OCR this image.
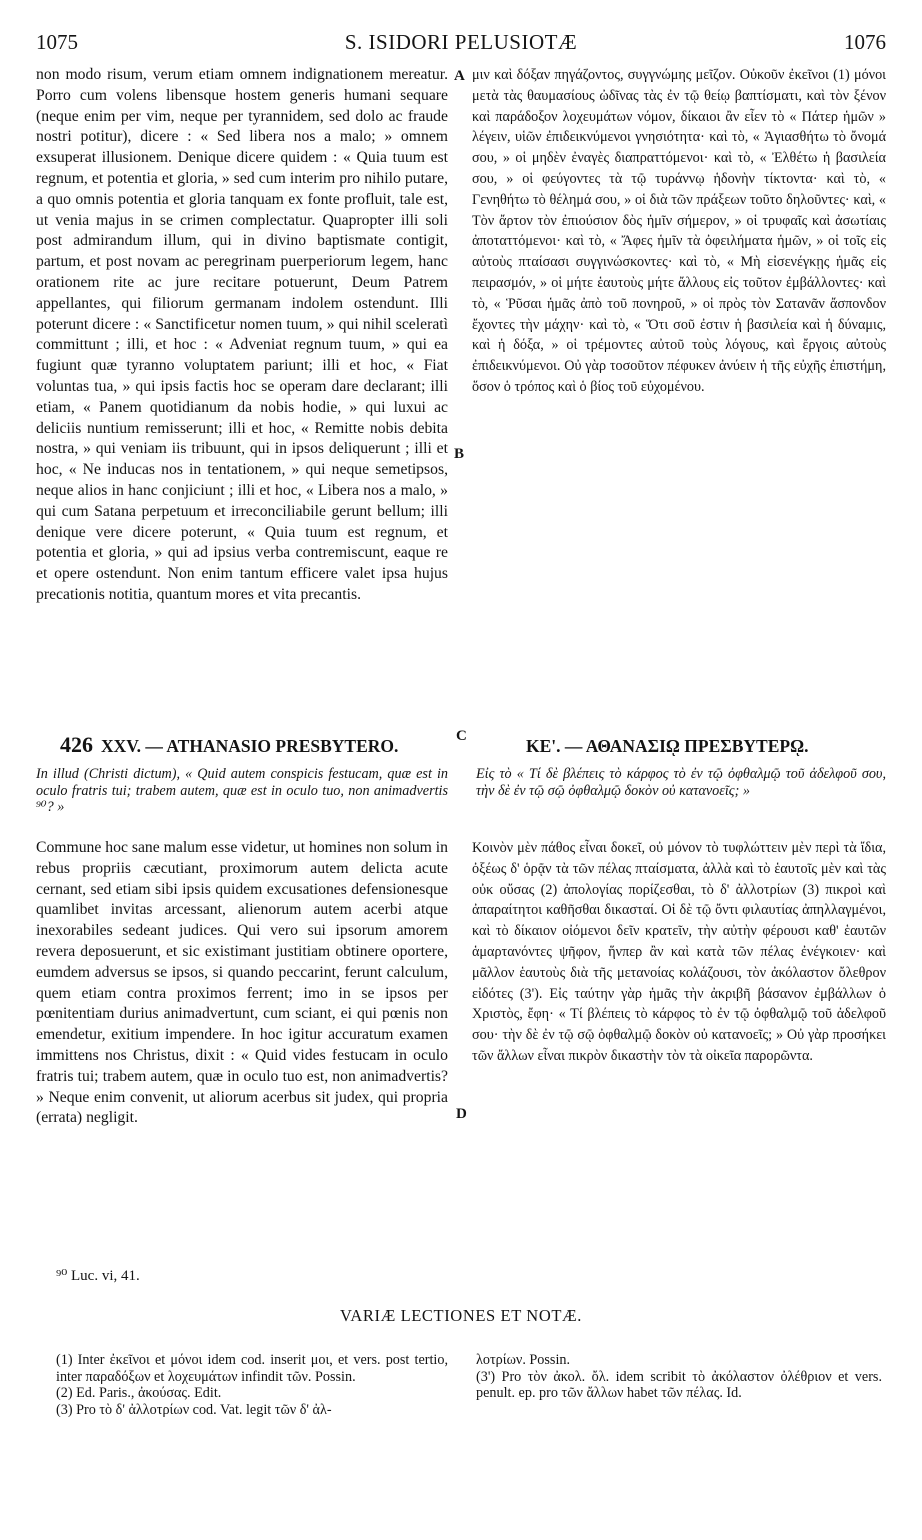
1075	S. ISIDORI PELUSIOTÆ	1076

non modo risum, verum etiam omnem indignationem mereatur. Porro cum volens libensque hostem generis humani sequare (neque enim per vim, neque per tyrannidem, sed dolo ac fraude nostri potitur), dicere : « Sed libera nos a malo; » omnem exsuperat illusionem. Denique dicere quidem : « Quia tuum est regnum, et potentia et gloria, » sed cum interim pro nihilo putare, a quo omnis potentia et gloria tanquam ex fonte profluit, tale est, ut venia majus in se crimen complectatur. Quapropter illi soli post admirandum illum, qui in divino baptismate contigit, partum, et post novam ac peregrinam puerperiorum legem, hanc orationem rite ac jure recitare potuerunt, Deum Patrem appellantes, qui filiorum germanam indolem ostendunt. Illi poterunt dicere : « Sanctificetur nomen tuum, » qui nihil sceleratì committunt ; illi, et hoc : « Adveniat regnum tuum, » qui ea fugiunt quæ tyranno voluptatem pariunt; illi et hoc, « Fiat voluntas tua, » qui ipsis factis hoc se operam dare declarant; illi etiam, « Panem quotidianum da nobis hodie, » qui luxui ac deliciis nuntium remisserunt; illi et hoc, « Remitte nobis debita nostra, » qui veniam iis tribuunt, qui in ipsos deliquerunt ; illi et hoc, « Ne inducas nos in tentationem, » qui neque semetipsos, neque alios in hanc conjiciunt ; illi et hoc, « Libera nos a malo, » qui cum Satana perpetuum et irreconciliabile gerunt bellum; illi denique vere dicere poterunt, « Quia tuum est regnum, et potentia et gloria, » qui ad ipsius verba contremiscunt, eaque re et opere ostendunt. Non enim tantum efficere valet ipsa hujus precationis notitia, quantum mores et vita precantis.

A
B

μιν καὶ δόξαν πηγάζοντος, συγγνώμης μεῖζον. Οὐκοῦν ἐκεῖνοι (1) μόνοι μετὰ τὰς θαυμασίους ὠδῖνας τὰς ἐν τῷ θείῳ βαπτίσματι, καὶ τὸν ξένον καὶ παράδοξον λοχευμάτων νόμον, δίκαιοι ἂν εἶεν τὸ « Πάτερ ἡμῶν » λέγειν, υἱῶν ἐπιδεικνύμενοι γνησιότητα· καὶ τὸ, « Ἁγιασθήτω τὸ ὄνομά σου, » οἱ μηδὲν ἐναγὲς διαπραττόμενοι· καὶ τὸ, « Ἐλθέτω ἡ βασιλεία σου, » οἱ φεύγοντες τὰ τῷ τυράννῳ ἡδονὴν τίκτοντα· καὶ τὸ, « Γενηθήτω τὸ θέλημά σου, » οἱ διὰ τῶν πράξεων τοῦτο δηλοῦντες· καὶ, « Τὸν ἄρτον τὸν ἐπιούσιον δὸς ἡμῖν σήμερον, » οἱ τρυφαῖς καὶ ἀσωτίαις ἀποταττόμενοι· καὶ τὸ, « Ἄφες ἡμῖν τὰ ὀφειλήματα ἡμῶν, » οἱ τοῖς εἰς αὐτοὺς πταίσασι συγγινώσκοντες· καὶ τὸ, « Μὴ εἰσενέγκῃς ἡμᾶς εἰς πειρασμόν, » οἱ μήτε ἑαυτοὺς μήτε ἄλλους εἰς τοῦτον ἐμβάλλοντες· καὶ τὸ, « Ῥῦσαι ἡμᾶς ἀπὸ τοῦ πονηροῦ, » οἱ πρὸς τὸν Σατανᾶν ἄσπονδον ἔχοντες τὴν μάχην· καὶ τὸ, « Ὅτι σοῦ ἐστιν ἡ βασιλεία καὶ ἡ δύναμις, καὶ ἡ δόξα, » οἱ τρέμοντες αὐτοῦ τοὺς λόγους, καὶ ἔργοις αὐτοὺς ἐπιδεικνύμενοι. Οὐ γὰρ τοσοῦτον πέφυκεν ἀνύειν ἡ τῆς εὐχῆς ἐπιστήμη, ὅσον ὁ τρόπος καὶ ὁ βίος τοῦ εὐχομένου.

426 XXV. — ATHANASIO PRESBYTERO.	C	ΚΕ'. — ΑΘΑΝΑΣΙῼ ΠΡΕΣΒΥΤΕΡῼ.
In illud (Christi dictum), « Quid autem conspicis festucam, quæ est in oculo fratris tui; trabem autem, quæ est in oculo tuo, non animadvertis ⁹⁰? »
Εἰς τὸ « Τί δὲ βλέπεις τὸ κάρφος τὸ ἐν τῷ ὀφθαλμῷ τοῦ ἀδελφοῦ σου, τὴν δὲ ἐν τῷ σῷ ὀφθαλμῷ δοκὸν οὐ κατανοεῖς; »

Commune hoc sane malum esse videtur, ut homines non solum in rebus propriis cæcutiant, proximorum autem delicta acute cernant, sed etiam sibi ipsis quidem excusationes defensionesque quamlibet invitas arcessant, alienorum autem acerbi atque inexorabiles sedeant judices. Qui vero sui ipsorum amorem revera deposuerunt, et sic existimant justitiam obtinere oportere, eumdem adversus se ipsos, si quando peccarint, ferunt calculum, quem etiam contra proximos ferrent; imo in se ipsos per pœnitentiam durius animadvertunt, cum sciant, ei qui pœnis non emendetur, exitium impendere. In hoc igitur accuratum examen immittens nos Christus, dixit : « Quid vides festucam in oculo fratris tui; trabem autem, quæ in oculo tuo est, non animadvertis? » Neque enim convenit, ut aliorum acerbus sit judex, qui propria (errata) negligit.	D

Κοινὸν μὲν πάθος εἶναι δοκεῖ, οὐ μόνον τὸ τυφλώττειν μὲν περὶ τὰ ἴδια, ὀξέως δ' ὁρᾷν τὰ τῶν πέλας πταίσματα, ἀλλὰ καὶ τὸ ἑαυτοῖς μὲν καὶ τὰς οὐκ οὔσας (2) ἀπολογίας πορίζεσθαι, τὸ δ' ἀλλοτρίων (3) πικροὶ καὶ ἀπαραίτητοι καθῆσθαι δικασταί. Οἱ δὲ τῷ ὄντι φιλαυτίας ἀπηλλαγμένοι, καὶ τὸ δίκαιον οἰόμενοι δεῖν κρατεῖν, τὴν αὐτὴν φέρουσι καθ' ἑαυτῶν ἁμαρτανόντες ψῆφον, ἥνπερ ἂν καὶ κατὰ τῶν πέλας ἐνέγκοιεν· καὶ μᾶλλον ἑαυτοὺς διὰ τῆς μετανοίας κολάζουσι, τὸν ἀκόλαστον ὄλεθρον εἰδότες (3'). Εἰς ταύτην γὰρ ἡμᾶς τὴν ἀκριβῆ βάσανον ἐμβάλλων ὁ Χριστὸς, ἔφη· « Τί βλέπεις τὸ κάρφος τὸ ἐν τῷ ὀφθαλμῷ τοῦ ἀδελφοῦ σου· τὴν δὲ ἐν τῷ σῷ ὀφθαλμῷ δοκὸν οὐ κατανοεῖς; » Οὐ γὰρ προσήκει τῶν ἄλλων εἶναι πικρὸν δικαστὴν τὸν τὰ οἰκεῖα παρορῶντα.

⁹⁰ Luc. vi, 41.
VARIÆ LECTIONES ET NOTÆ.

(1) Inter ἐκεῖνοι et μόνοι idem cod. inserit μοι, et vers. post tertio, inter παραδόξων et λοχευμάτων infindit τῶν. Possin.

(2) Ed. Paris., ἀκούσας. Edit.

(3) Pro τὸ δ' ἀλλοτρίων cod. Vat. legit τῶν δ' ἀλ-

λοτρίων. Possin.

(3') Pro τὸν ἀκολ. ὄλ. idem scribit τὸ ἀκόλαστον ὀλέθριον et vers. penult. ep. pro τῶν ἄλλων habet τῶν πέλας. Id.
